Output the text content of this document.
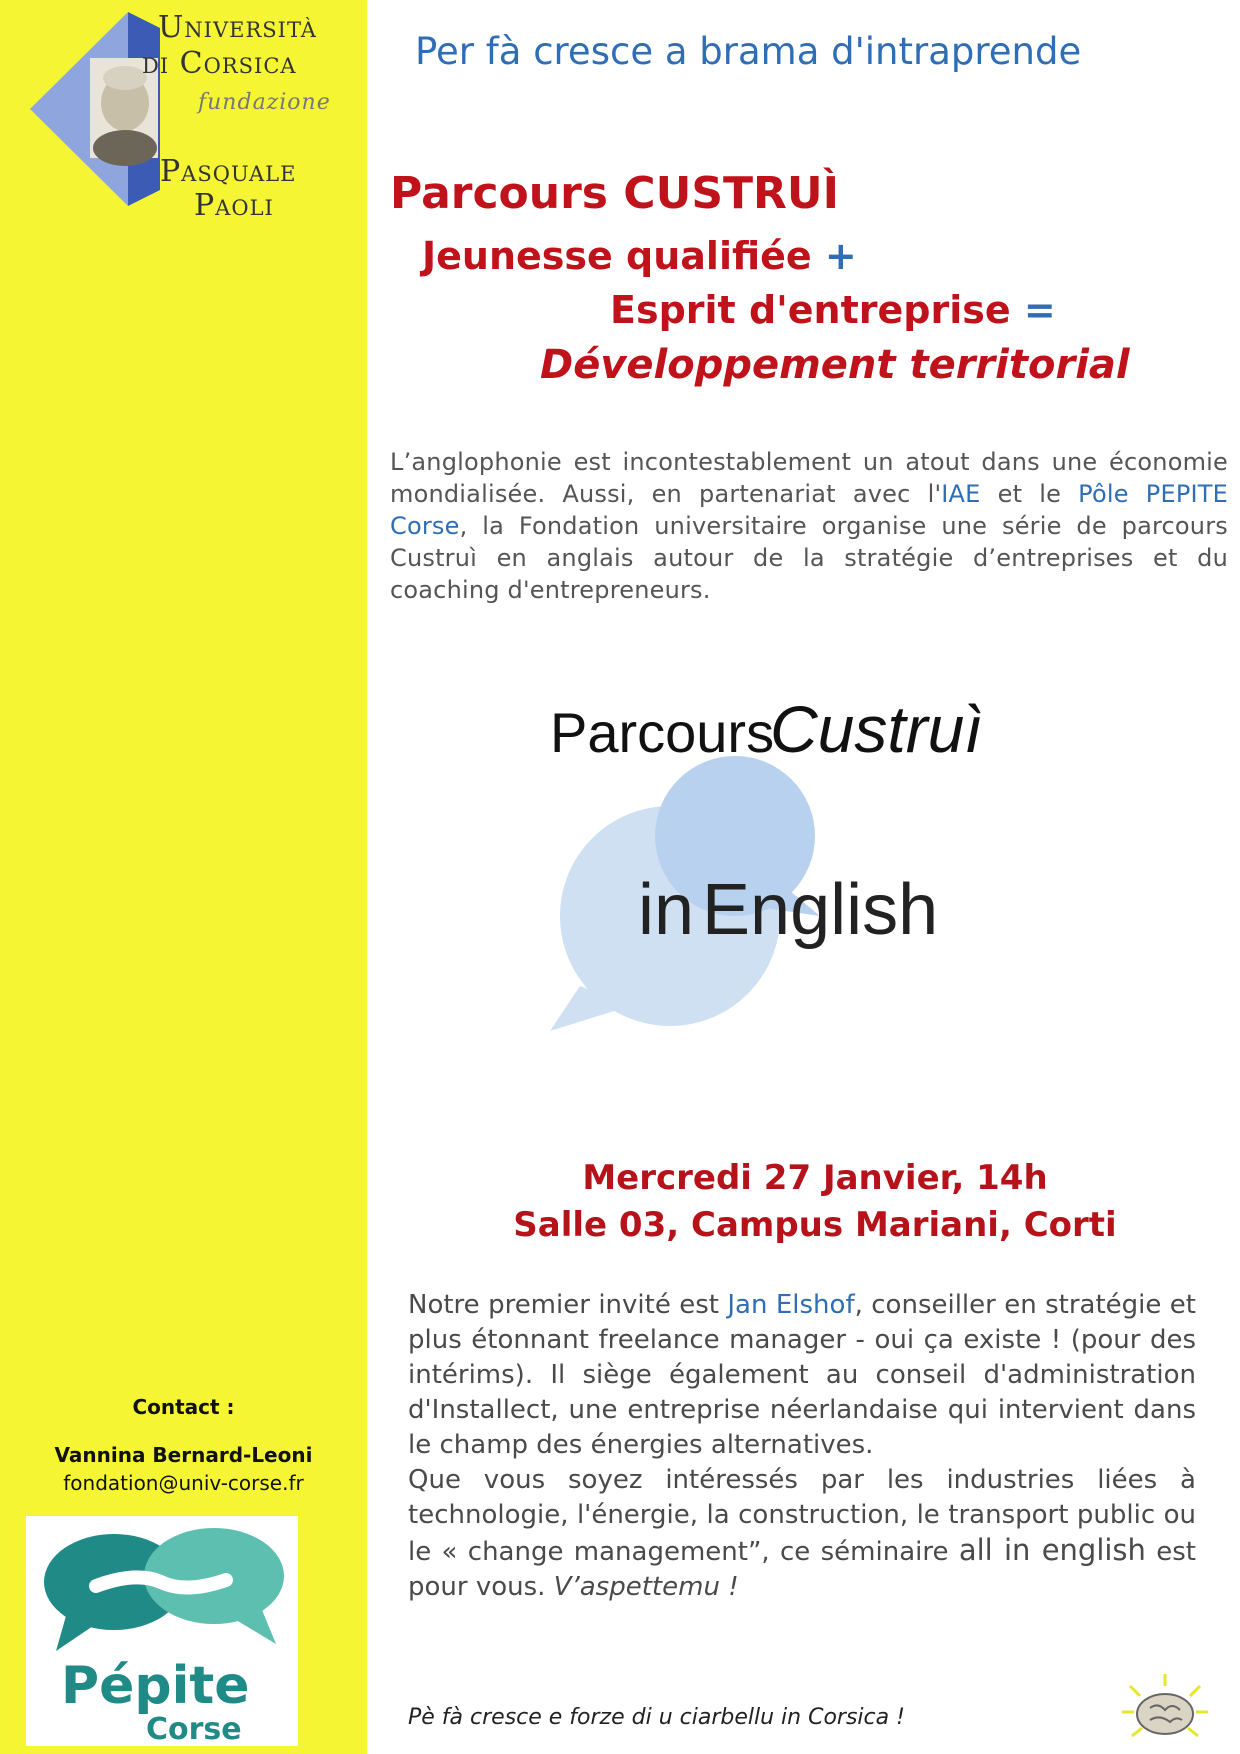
Università
di Corsica
fundazione
Pasquale
Paoli
Contact :
Vannina Bernard-Leoni
fondation@univ-corse.fr
Pépite
Corse
Per fà cresce a brama d'intraprende
Parcours CUSTRUÌ
Jeunesse qualifiée +
Esprit d'entreprise =
Développement territorial
L’anglophonie est incontestablement un atout dans une économie mondialisée. Aussi, en partenariat avec l'IAE et le Pôle PEPITE Corse, la Fondation universitaire organise une série de parcours Custruì en anglais autour de la stratégie d’entreprises et du coaching d'entrepreneurs.
Parcours
Custruì
in English
Mercredi 27 Janvier, 14h
Salle 03, Campus Mariani, Corti
Notre premier invité est Jan Elshof, conseiller en stratégie et plus étonnant freelance manager - oui ça existe ! (pour des intérims). Il siège également au conseil d'administration d'Installect, une entreprise néerlandaise qui intervient dans le champ des énergies alternatives.
Que vous soyez intéressés par les industries liées à technologie, l'énergie, la construction, le transport public ou le « change management”, ce séminaire all in english est pour vous. V’aspettemu !
Pè fà cresce e forze di u ciarbellu in Corsica !
